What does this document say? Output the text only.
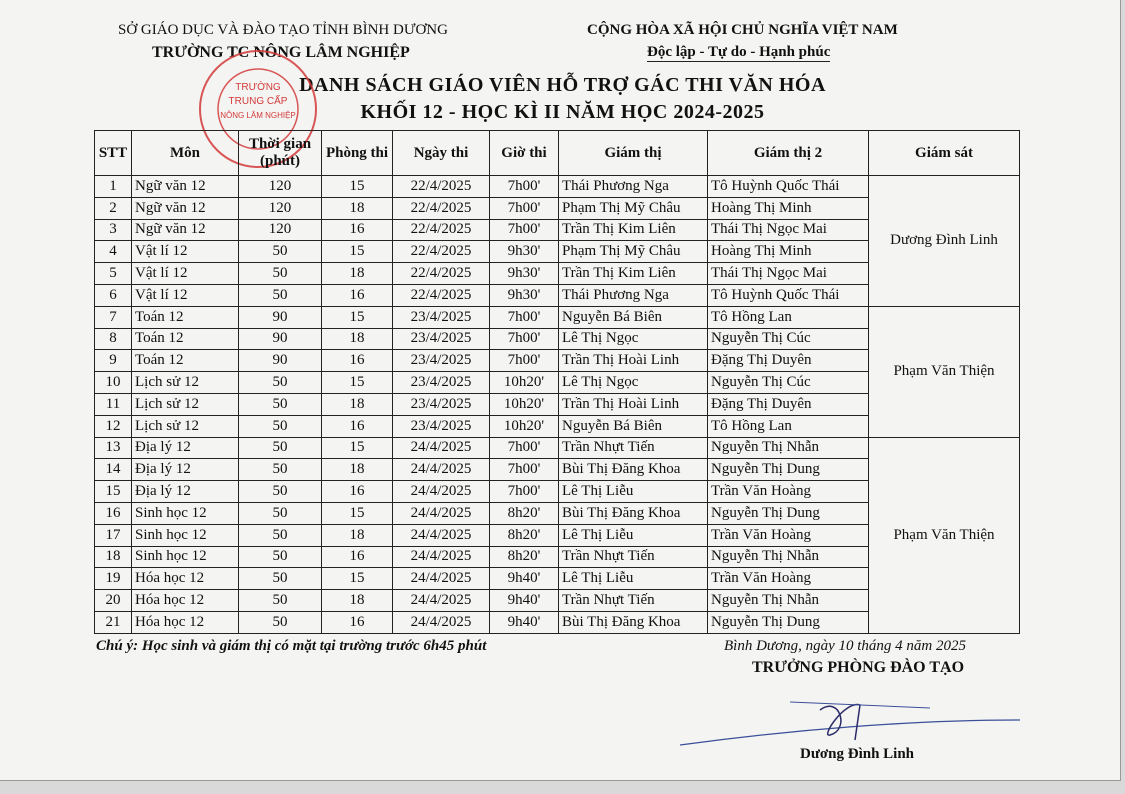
SỞ GIÁO DỤC VÀ ĐÀO TẠO TỈNH BÌNH DƯƠNG
TRƯỜNG TC NÔNG LÂM NGHIỆP
CỘNG HÒA XÃ HỘI CHỦ NGHĨA VIỆT NAM
Độc lập - Tự do - Hạnh phúc
DANH SÁCH GIÁO VIÊN HỖ TRỢ GÁC THI VĂN HÓA
KHỐI 12 - HỌC KÌ II NĂM HỌC 2024-2025
TRƯỜNG
TRUNG CẤP
NÔNG LÂM NGHIỆP
STT	Môn	Thời gian (phút)	Phòng thi	Ngày thi	Giờ thi	Giám thị	Giám thị 2	Giám sát
1	Ngữ văn 12	120	15	22/4/2025	7h00'	Thái Phương Nga	Tô Huỳnh Quốc Thái	Dương Đình Linh
2	Ngữ văn 12	120	18	22/4/2025	7h00'	Phạm Thị Mỹ Châu	Hoàng Thị Minh	
3	Ngữ văn 12	120	16	22/4/2025	7h00'	Trần Thị Kim Liên	Thái Thị Ngọc Mai	
4	Vật lí 12	50	15	22/4/2025	9h30'	Phạm Thị Mỹ Châu	Hoàng Thị Minh	
5	Vật lí 12	50	18	22/4/2025	9h30'	Trần Thị Kim Liên	Thái Thị Ngọc Mai	
6	Vật lí 12	50	16	22/4/2025	9h30'	Thái Phương Nga	Tô Huỳnh Quốc Thái	
7	Toán 12	90	15	23/4/2025	7h00'	Nguyễn Bá Biên	Tô Hồng Lan	Phạm Văn Thiện
8	Toán 12	90	18	23/4/2025	7h00'	Lê Thị Ngọc	Nguyễn Thị Cúc	
9	Toán 12	90	16	23/4/2025	7h00'	Trần Thị Hoài Linh	Đặng Thị Duyên	
10	Lịch sử 12	50	15	23/4/2025	10h20'	Lê Thị Ngọc	Nguyễn Thị Cúc	
11	Lịch sử 12	50	18	23/4/2025	10h20'	Trần Thị Hoài Linh	Đặng Thị Duyên	
12	Lịch sử 12	50	16	23/4/2025	10h20'	Nguyễn Bá Biên	Tô Hồng Lan	
13	Địa lý 12	50	15	24/4/2025	7h00'	Trần Nhựt Tiến	Nguyễn Thị Nhẫn	Phạm Văn Thiện
14	Địa lý 12	50	18	24/4/2025	7h00'	Bùi Thị Đăng Khoa	Nguyễn Thị Dung	
15	Địa lý 12	50	16	24/4/2025	7h00'	Lê Thị Liễu	Trần Văn Hoàng	
16	Sinh học 12	50	15	24/4/2025	8h20'	Bùi Thị Đăng Khoa	Nguyễn Thị Dung	
17	Sinh học 12	50	18	24/4/2025	8h20'	Lê Thị Liễu	Trần Văn Hoàng	
18	Sinh học 12	50	16	24/4/2025	8h20'	Trần Nhựt Tiến	Nguyễn Thị Nhẫn	
19	Hóa học 12	50	15	24/4/2025	9h40'	Lê Thị Liễu	Trần Văn Hoàng	
20	Hóa học 12	50	18	24/4/2025	9h40'	Trần Nhựt Tiến	Nguyễn Thị Nhẫn	
21	Hóa học 12	50	16	24/4/2025	9h40'	Bùi Thị Đăng Khoa	Nguyễn Thị Dung	
Chú ý: Học sinh và giám thị có mặt tại trường trước 6h45 phút	Bình Dương, ngày 10 tháng 4 năm 2025
TRƯỞNG PHÒNG ĐÀO TẠO
Dương Đình Linh
